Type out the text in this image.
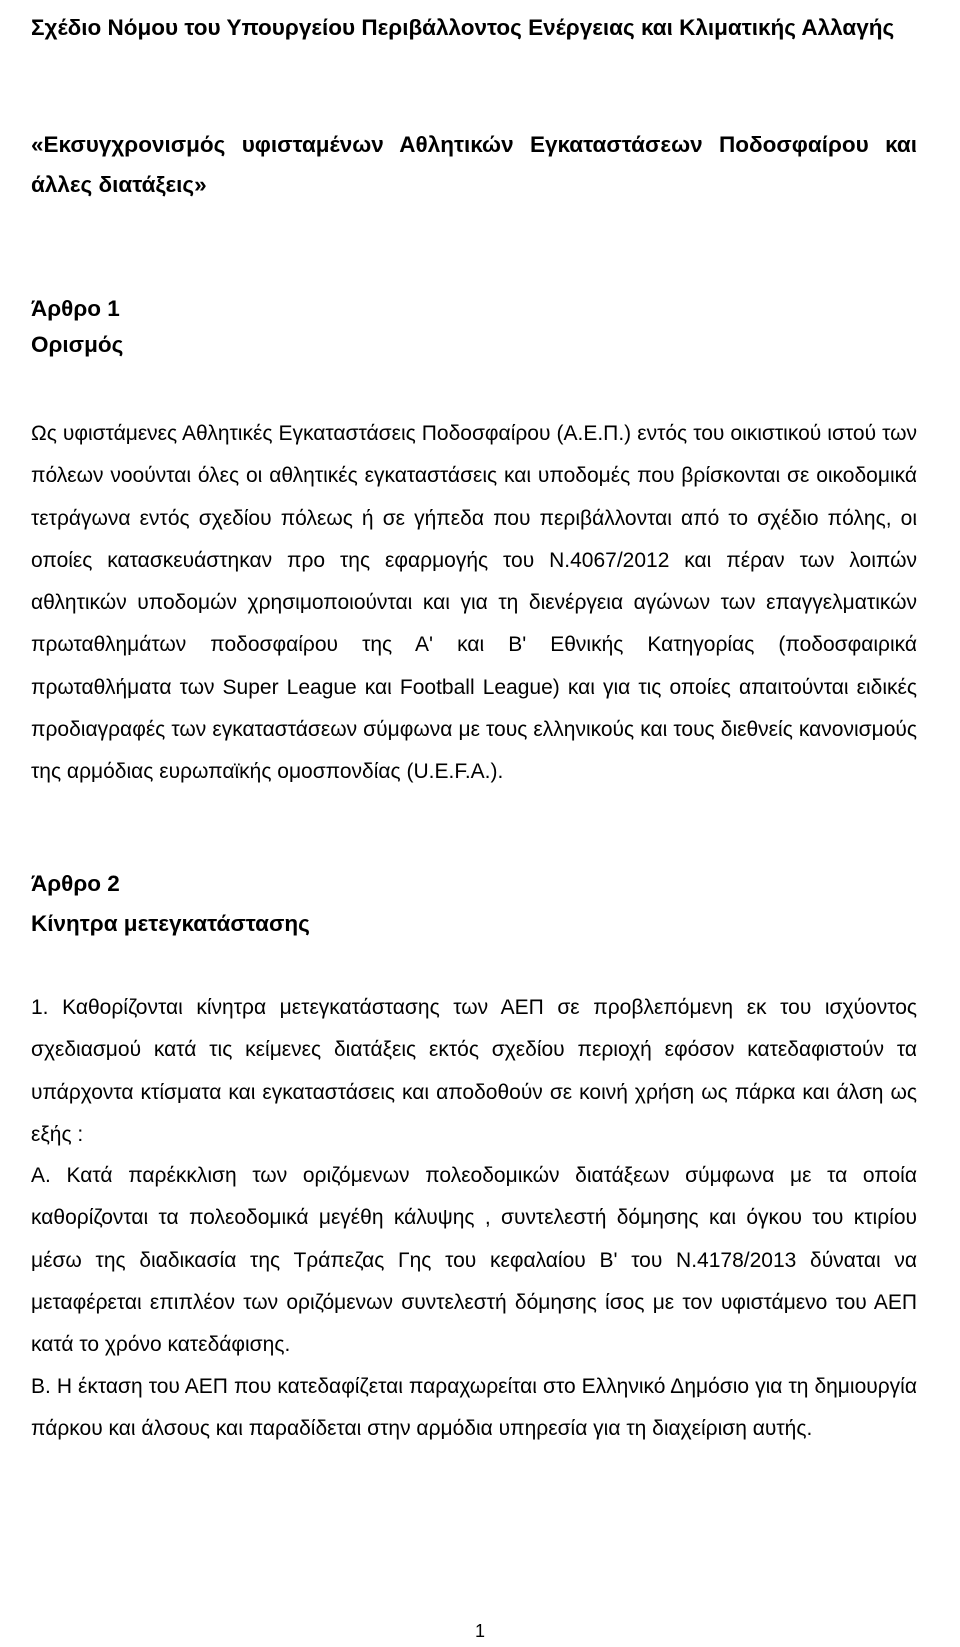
Σχέδιο Νόμου του Υπουργείου Περιβάλλοντος Ενέργειας και Κλιματικής Αλλαγής

«Εκσυγχρονισμός υφισταμένων Αθλητικών Εγκαταστάσεων Ποδοσφαίρου και άλλες διατάξεις»

Άρθρο 1

Ορισμός

Ως υφιστάμενες Αθλητικές Εγκαταστάσεις Ποδοσφαίρου (Α.Ε.Π.) εντός του οικιστικού ιστού των πόλεων νοούνται όλες οι αθλητικές εγκαταστάσεις και υποδομές που βρίσκονται σε οικοδομικά τετράγωνα εντός σχεδίου πόλεως ή σε γήπεδα που περιβάλλονται από το σχέδιο πόλης, οι οποίες κατασκευάστηκαν προ της εφαρμογής του Ν.4067/2012 και πέραν των λοιπών αθλητικών υποδομών χρησιμοποιούνται και για τη διενέργεια αγώνων των επαγγελματικών πρωταθλημάτων ποδοσφαίρου της Α' και Β' Εθνικής Κατηγορίας (ποδοσφαιρικά πρωταθλήματα των Super League και Football League) και για τις οποίες απαιτούνται ειδικές προδιαγραφές των εγκαταστάσεων σύμφωνα με τους ελληνικούς και τους διεθνείς κανονισμούς της αρμόδιας ευρωπαϊκής ομοσπονδίας (U.E.F.A.).

Άρθρο 2

Κίνητρα μετεγκατάστασης

1. Καθορίζονται κίνητρα μετεγκατάστασης των ΑΕΠ σε προβλεπόμενη εκ του ισχύοντος σχεδιασμού κατά τις κείμενες διατάξεις εκτός σχεδίου περιοχή εφόσον κατεδαφιστούν τα υπάρχοντα κτίσματα και εγκαταστάσεις και αποδοθούν σε κοινή χρήση ως πάρκα και άλση ως εξής :

Α. Κατά παρέκκλιση των οριζόμενων πολεοδομικών διατάξεων σύμφωνα με τα οποία καθορίζονται τα πολεοδομικά μεγέθη κάλυψης , συντελεστή δόμησης και όγκου του κτιρίου μέσω της διαδικασία της Τράπεζας Γης του κεφαλαίου Β' του Ν.4178/2013 δύναται να μεταφέρεται επιπλέον των οριζόμενων συντελεστή δόμησης ίσος με τον υφιστάμενο του ΑΕΠ κατά το χρόνο κατεδάφισης.

Β. Η έκταση του ΑΕΠ που κατεδαφίζεται παραχωρείται στο Ελληνικό Δημόσιο για τη δημιουργία πάρκου και άλσους και παραδίδεται στην αρμόδια υπηρεσία για τη διαχείριση αυτής.

1
